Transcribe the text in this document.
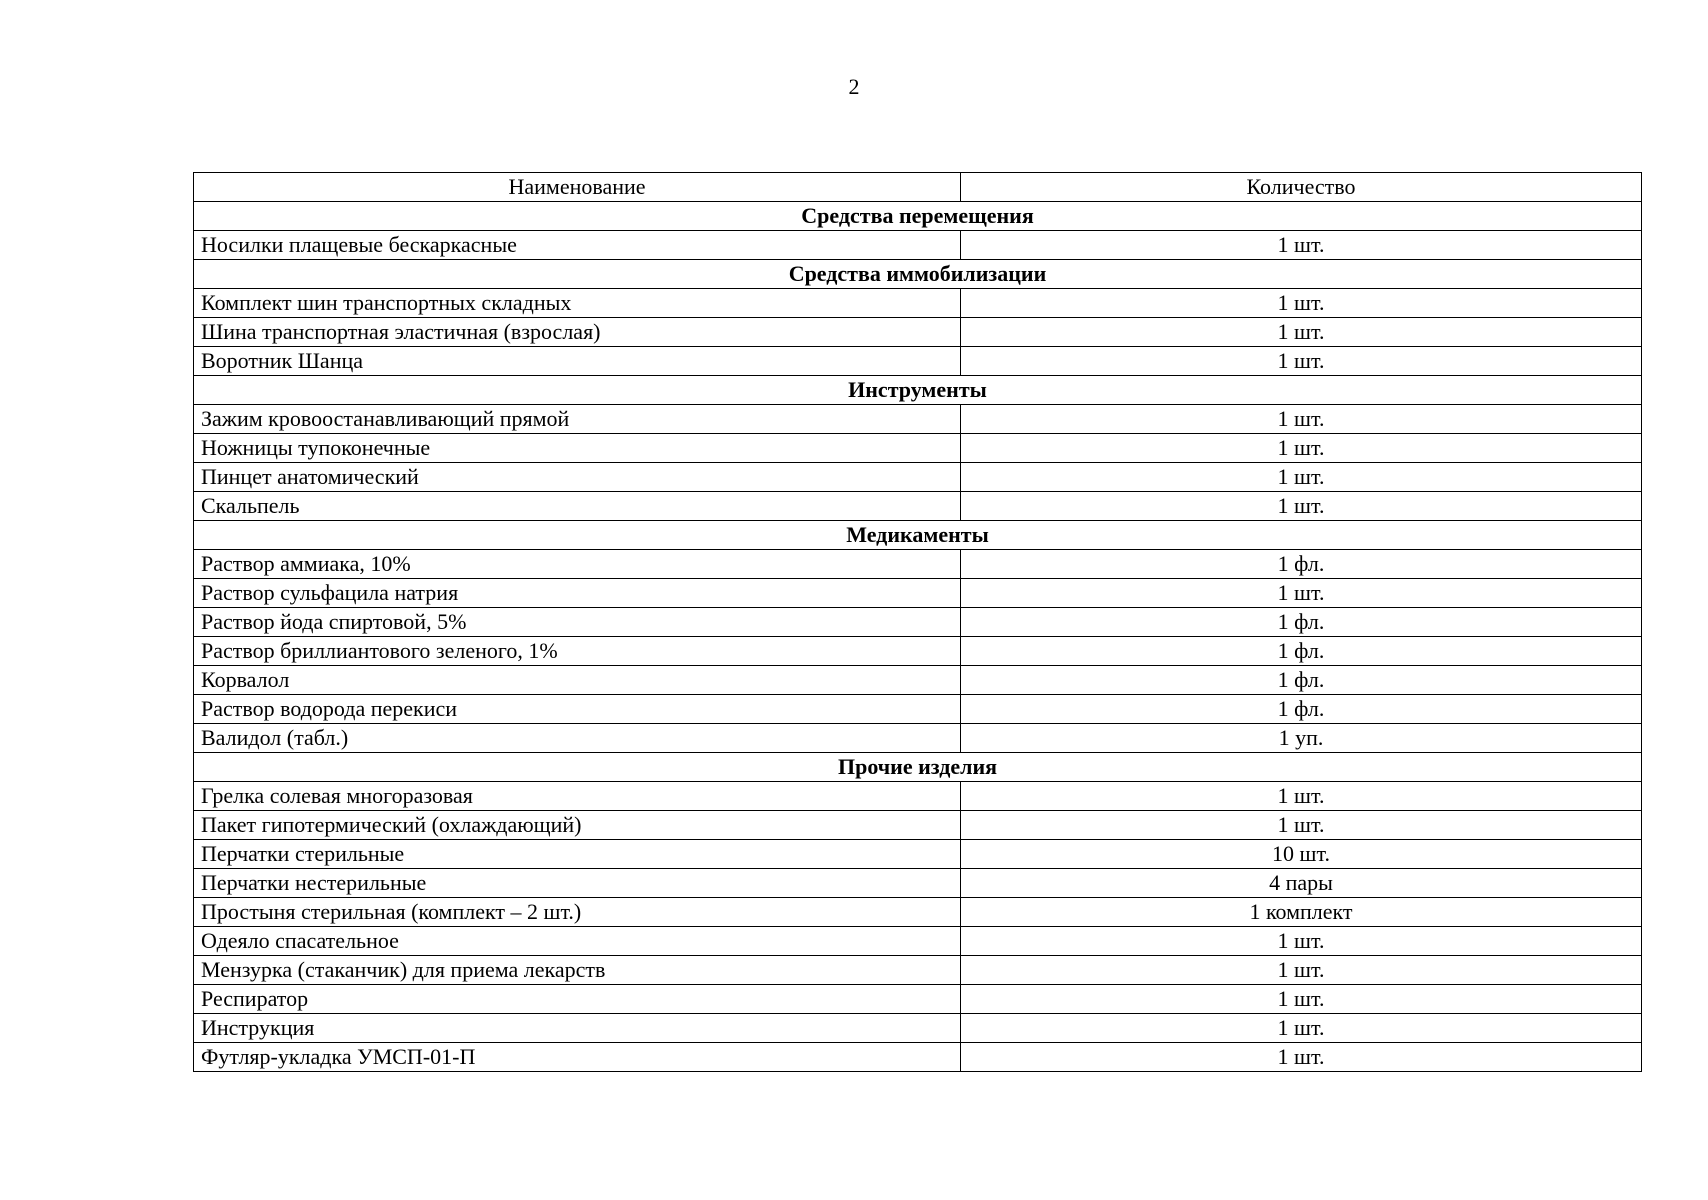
2
Наименование	Количество
Средства перемещения	
Носилки плащевые бескаркасные	1 шт.
Средства иммобилизации	
Комплект шин транспортных складных	1 шт.
Шина транспортная эластичная (взрослая)	1 шт.
Воротник Шанца	1 шт.
Инструменты	
Зажим кровоостанавливающий прямой	1 шт.
Ножницы тупоконечные	1 шт.
Пинцет анатомический	1 шт.
Скальпель	1 шт.
Медикаменты	
Раствор аммиака, 10%	1 фл.
Раствор сульфацила натрия	1 шт.
Раствор йода спиртовой, 5%	1 фл.
Раствор бриллиантового зеленого, 1%	1 фл.
Корвалол	1 фл.
Раствор водорода перекиси	1 фл.
Валидол (табл.)	1 уп.
Прочие изделия	
Грелка солевая многоразовая	1 шт.
Пакет гипотермический (охлаждающий)	1 шт.
Перчатки стерильные	10 шт.
Перчатки нестерильные	4 пары
Простыня стерильная (комплект – 2 шт.)	1 комплект
Одеяло спасательное	1 шт.
Мензурка (стаканчик) для приема лекарств	1 шт.
Респиратор	1 шт.
Инструкция	1 шт.
Футляр-укладка УМСП-01-П	1 шт.
